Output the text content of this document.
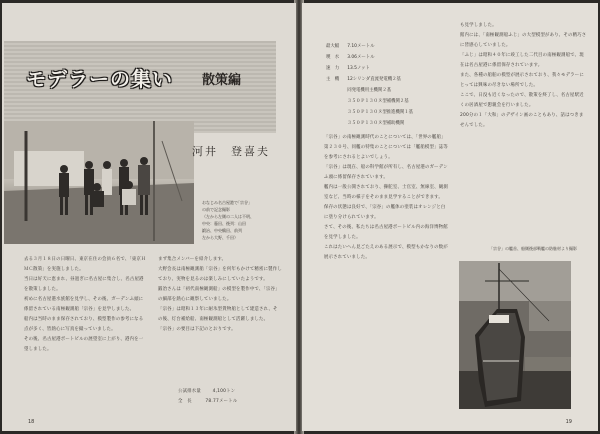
モデラーの集い 散策編
河井　登喜夫
おなじみ名古屋港で｢宗谷｣
の前で記念撮影
（左から左側の二人は不明、
中央：藤田、後列：山田
鍛冶、中央鶴田、前列
左から大野、千田）

去る３月１８日の日曜日、東京在住の会員６名で、「東京ＨＭＣ散策」を実施しました。

当日は好天に恵まれ、昼過ぎに名古屋に集合し、名古屋港を散策しました。

初めに名古屋港水族館を見学し、その後、ガーデンふ頭に係留されている南極観測船「宗谷」を見学しました。

船内は当時のまま保存されており、模型製作の参考になる点が多く、皆熱心に写真を撮っていました。

その後、名古屋港ポートビルの展望室に上がり、港内を一望しました。

まず集合メンバーを紹介します。

大野会長は南極観測船「宗谷」を何年もかけて精密に製作しており、実物を見るのは楽しみにしていたようです。

鍛冶さんは「初代南極観測船」の模型を製作中で、「宗谷」の細部を熱心に観察していました。

「宗谷」は昭和１３年に耐氷型貨物船として建造され、その後、灯台補給船、南極観測船として活躍しました。

「宗谷」の要目は下記のとおりです。

公試排水量	4,100トン
全　長	78.77メートル
18
最大幅	7.10メートル
喫　水	3.06メートル
速　力	13.5ノット
主　機	12シリンダ直流発電機２基
	同発電機用主機関２基
	３５０Ｐ１３０ヌ型補機関２基
	３５０Ｐ１３０ヌ型推進機関１基
	３５０Ｐ１３０ヌ型補助機関

「宗谷」の南極観測時代のことについては、「世界の艦船」第２３０号、同艦の特集のことについては「艦船模型」誌等を参考にされるとよいでしょう。

「宗谷」は現在、船の科学館が所有し、名古屋港のガーデンふ頭に係留保存されています。

艦内は一般公開されており、操舵室、士官室、無線室、観測室など、当時の様子をそのまま見学することができます。

保存の状態は良好で、「宗谷」の艦体の塗装はオレンジと白に塗り分けられています。

さて、その後、私たちは名古屋港ポートビル内の海洋博物館を見学しました。

これはたいへん見ごたえのある展示で、模型もかなりの数が展示されていました。

も見学しました。

館内には、「南極観測船ふじ」の大型模型があり、その精巧さに皆感心していました。

「ふじ」は昭和４０年に竣工した二代目の南極観測船で、現在は名古屋港に係留保存されています。

また、各種の船舶の模型が展示されており、我々モデラーにとっては興味の尽きない場所でした。

ここで、日没も近くなったので、散策を終了し、名古屋駅近くの居酒屋で懇親会を行いました。

200分の１「大和」のデザイン画のこともあり、話はつきませんでした。

「宗谷」の艦首、船側後部戦艦の防舷材より撮影
19
